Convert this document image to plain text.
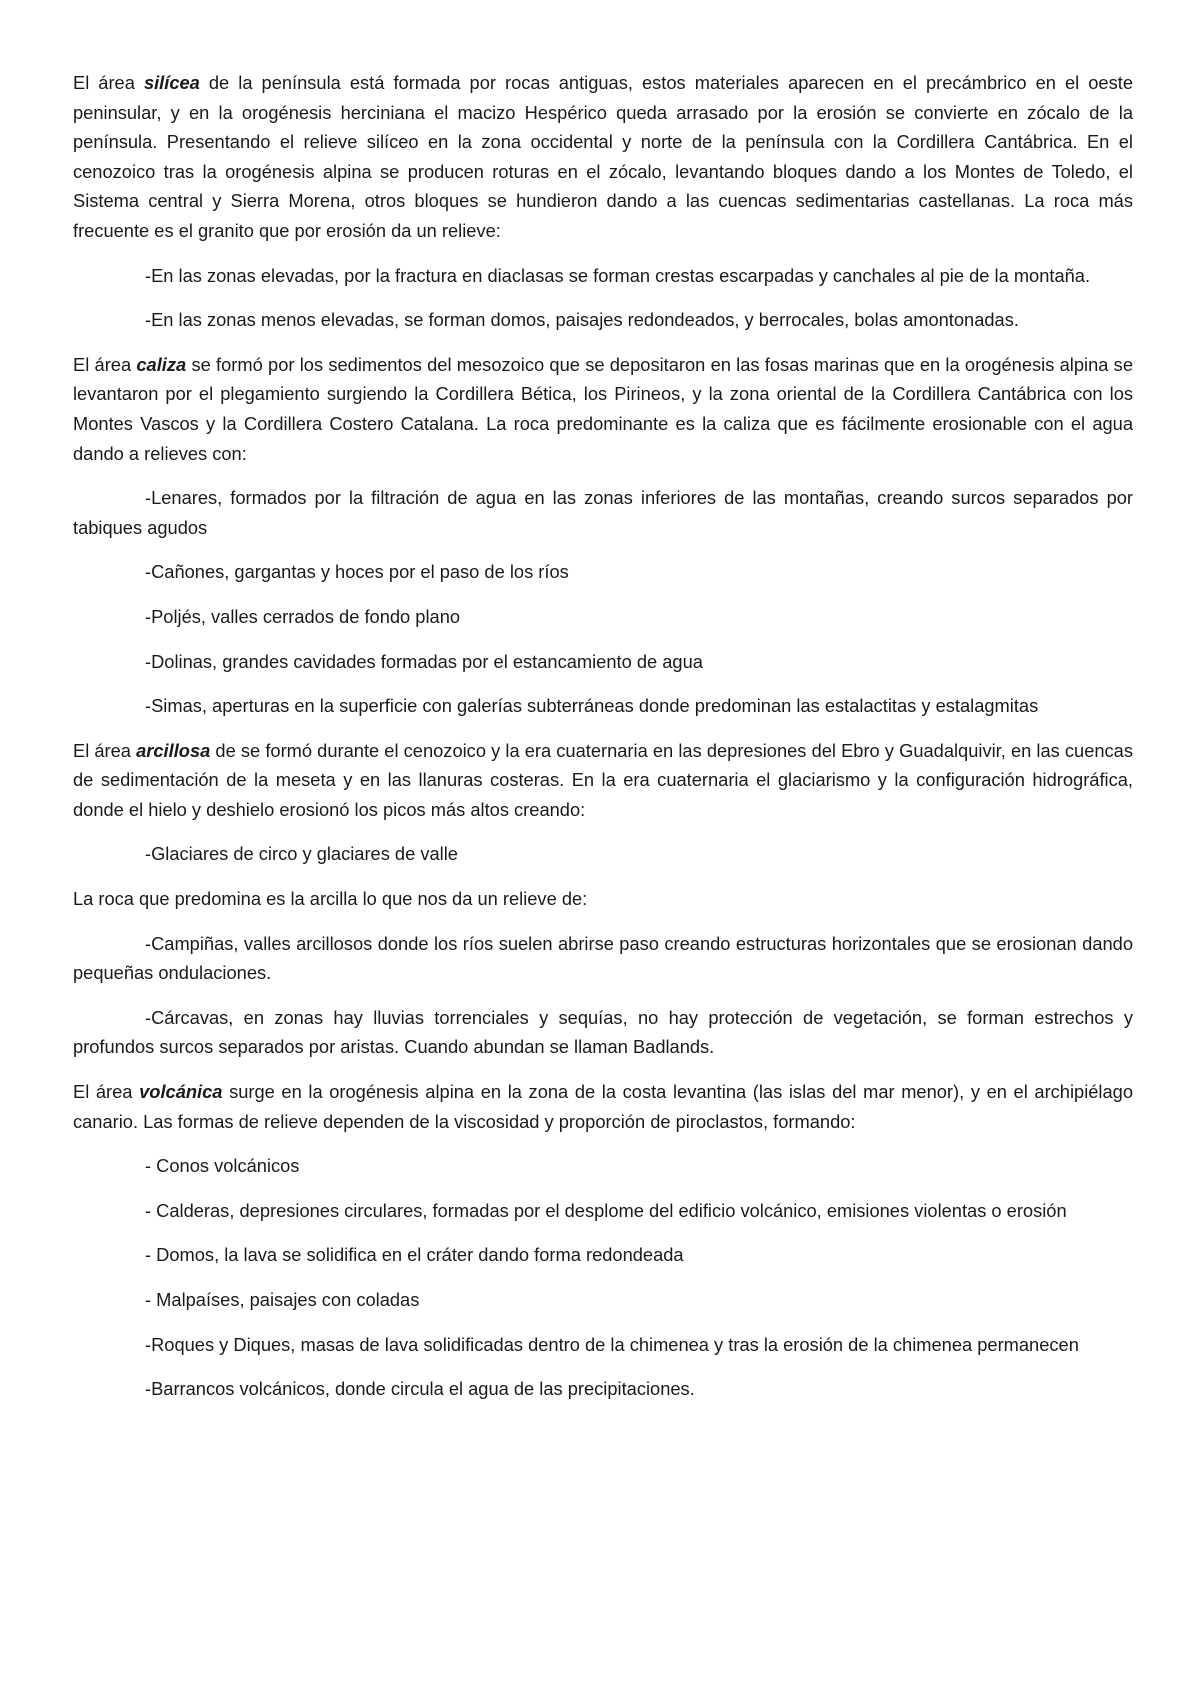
El área silícea de la península está formada por rocas antiguas, estos materiales aparecen en el precámbrico en el oeste peninsular, y en la orogénesis herciniana el macizo Hespérico queda arrasado por la erosión se convierte en zócalo de la península. Presentando el relieve silíceo en la zona occidental y norte de la península con la Cordillera Cantábrica. En el cenozoico tras la orogénesis alpina se producen roturas en el zócalo, levantando bloques dando a los Montes de Toledo, el Sistema central y Sierra Morena, otros bloques se hundieron dando a las cuencas sedimentarias castellanas. La roca más frecuente es el granito que por erosión da un relieve:

-En las zonas elevadas, por la fractura en diaclasas se forman crestas escarpadas y canchales al pie de la montaña.

-En las zonas menos elevadas, se forman domos, paisajes redondeados, y berrocales, bolas amontonadas.

El área caliza se formó por los sedimentos del mesozoico que se depositaron en las fosas marinas que en la orogénesis alpina se levantaron por el plegamiento surgiendo la Cordillera Bética, los Pirineos, y la zona oriental de la Cordillera Cantábrica con los Montes Vascos y la Cordillera Costero Catalana. La roca predominante es la caliza que es fácilmente erosionable con el agua dando a relieves con:

-Lenares, formados por la filtración de agua en las zonas inferiores de las montañas, creando surcos separados por tabiques agudos

-Cañones, gargantas y hoces por el paso de los ríos

-Poljés, valles cerrados de fondo plano

-Dolinas, grandes cavidades formadas por el estancamiento de agua

-Simas, aperturas en la superficie con galerías subterráneas donde predominan las estalactitas y estalagmitas

El área arcillosa de se formó durante el cenozoico y la era cuaternaria en las depresiones del Ebro y Guadalquivir, en las cuencas de sedimentación de la meseta y en las llanuras costeras. En la era cuaternaria el glaciarismo y la configuración hidrográfica, donde el hielo y deshielo erosionó los picos más altos creando:

-Glaciares de circo y glaciares de valle

La roca que predomina es la arcilla lo que nos da un relieve de:

-Campiñas, valles arcillosos donde los ríos suelen abrirse paso creando estructuras horizontales que se erosionan dando pequeñas ondulaciones.

-Cárcavas, en zonas hay lluvias torrenciales y sequías, no hay protección de vegetación, se forman estrechos y profundos surcos separados por aristas. Cuando abundan se llaman Badlands.

El área volcánica surge en la orogénesis alpina en la zona de la costa levantina (las islas del mar menor), y en el archipiélago canario. Las formas de relieve dependen de la viscosidad y proporción de piroclastos, formando:

- Conos volcánicos

- Calderas, depresiones circulares, formadas por el desplome del edificio volcánico, emisiones violentas o erosión

- Domos, la lava se solidifica en el cráter dando forma redondeada

- Malpaíses, paisajes con coladas

-Roques y Diques, masas de lava solidificadas dentro de la chimenea y tras la erosión de la chimenea permanecen

-Barrancos volcánicos, donde circula el agua de las precipitaciones.
